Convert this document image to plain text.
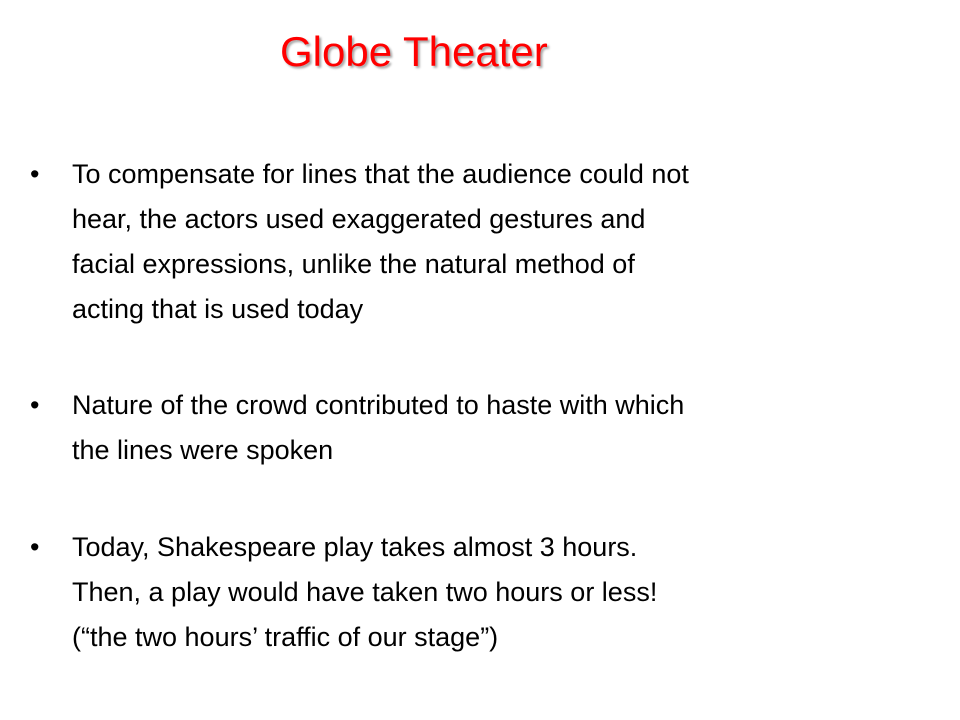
Globe Theater
• To compensate for lines that the audience could not
hear, the actors used exaggerated gestures and
facial expressions, unlike the natural method of
acting that is used today
• Nature of the crowd contributed to haste with which
the lines were spoken
• Today, Shakespeare play takes almost 3 hours.
Then, a play would have taken two hours or less!
(“the two hours’ traffic of our stage”)
